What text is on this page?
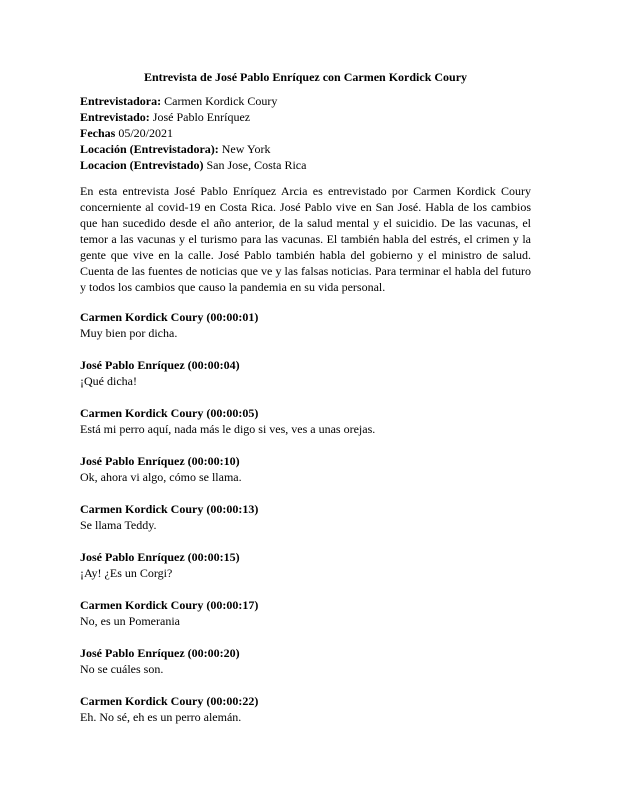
Entrevista de José Pablo Enríquez con Carmen Kordick Coury
Entrevistadora: Carmen Kordick Coury
Entrevistado: José Pablo Enríquez
Fechas 05/20/2021
Locación (Entrevistadora): New York
Locacion (Entrevistado) San Jose, Costa Rica

En esta entrevista José Pablo Enríquez Arcia es entrevistado por Carmen Kordick Coury concerniente al covid-19 en Costa Rica. José Pablo vive en San José. Habla de los cambios que han sucedido desde el año anterior, de la salud mental y el suicidio. De las vacunas, el temor a las vacunas y el turismo para las vacunas. El también habla del estrés, el crimen y la gente que vive en la calle. José Pablo también habla del gobierno y el ministro de salud. Cuenta de las fuentes de noticias que ve y las falsas noticias. Para terminar el habla del futuro y todos los cambios que causo la pandemia en su vida personal.

Carmen Kordick Coury (00:00:01)

Muy bien por dicha.

José Pablo Enríquez (00:00:04)

¡Qué dicha!

Carmen Kordick Coury (00:00:05)

Está mi perro aquí, nada más le digo si ves, ves a unas orejas.

José Pablo Enríquez (00:00:10)

Ok, ahora vi algo, cómo se llama.

Carmen Kordick Coury (00:00:13)

Se llama Teddy.

José Pablo Enríquez (00:00:15)

¡Ay! ¿Es un Corgi?

Carmen Kordick Coury (00:00:17)

No, es un Pomerania

José Pablo Enríquez (00:00:20)

No se cuáles son.

Carmen Kordick Coury (00:00:22)

Eh. No sé, eh es un perro alemán.
